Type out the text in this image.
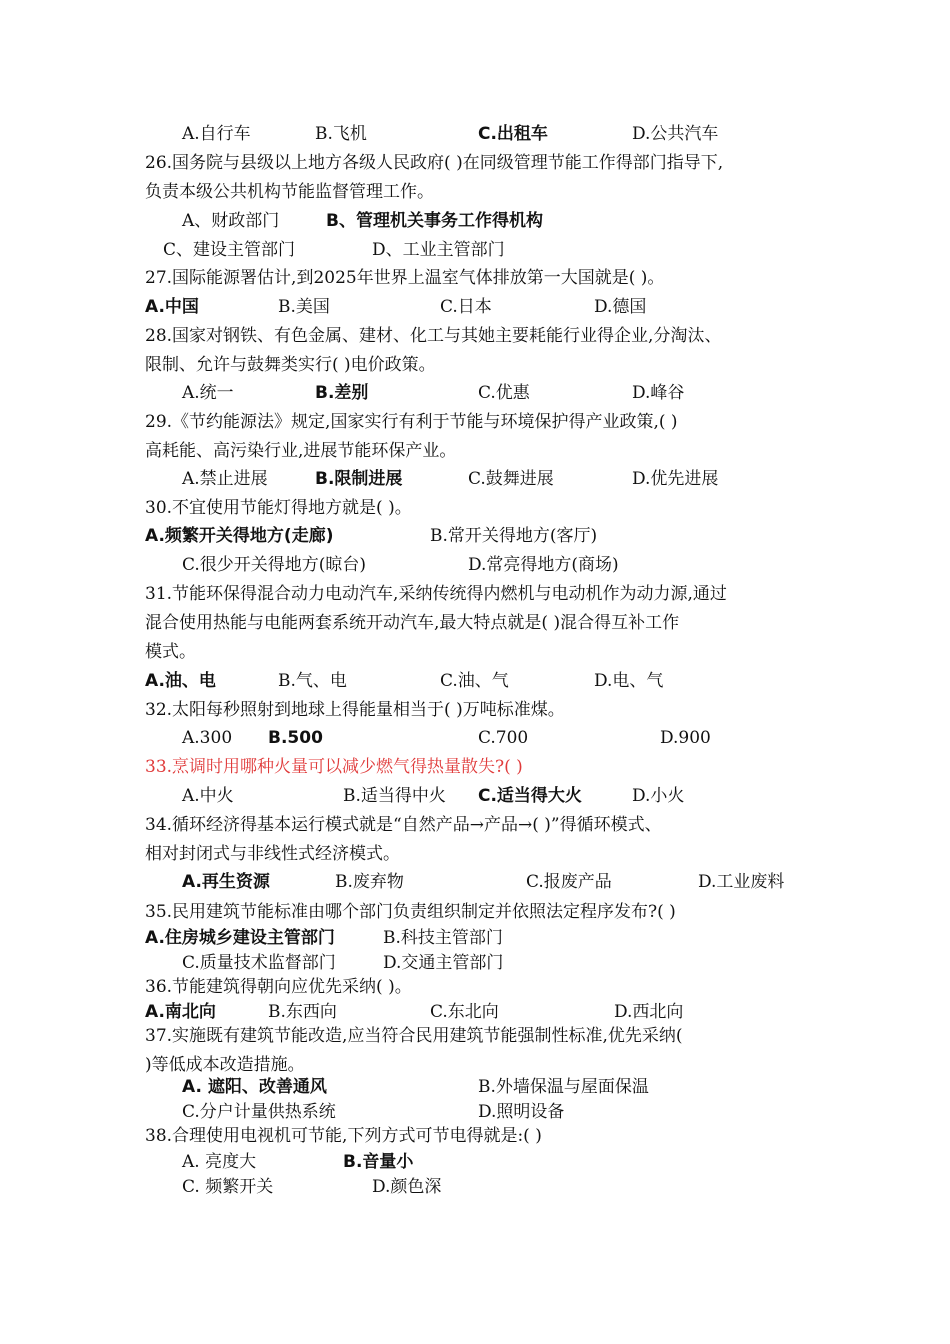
A.自行车	B.飞机	C.出租车	D.公共汽车
26.国务院与县级以上地方各级人民政府( )在同级管理节能工作得部门指导下,
负责本级公共机构节能监督管理工作。
A、财政部门	B、管理机关事务工作得机构
C、建设主管部门	D、工业主管部门
27.国际能源署估计,到2025年世界上温室气体排放第一大国就是( )。
A.中国	B.美国	C.日本	D.德国
28.国家对钢铁、有色金属、建材、化工与其她主要耗能行业得企业,分淘汰、
限制、允许与鼓舞类实行( )电价政策。
A.统一	B.差别	C.优惠	D.峰谷
29.《节约能源法》规定,国家实行有利于节能与环境保护得产业政策,( )
高耗能、高污染行业,进展节能环保产业。
A.禁止进展	B.限制进展	C.鼓舞进展	D.优先进展
30.不宜使用节能灯得地方就是( )。
A.频繁开关得地方(走廊)	B.常开关得地方(客厅)
C.很少开关得地方(晾台)	D.常亮得地方(商场)
31.节能环保得混合动力电动汽车,采纳传统得内燃机与电动机作为动力源,通过
混合使用热能与电能两套系统开动汽车,最大特点就是( )混合得互补工作
模式。
A.油、电	B.气、电	C.油、气	D.电、气
32.太阳每秒照射到地球上得能量相当于( )万吨标准煤。
A.300 B.500	C.700	D.900
33.烹调时用哪种火量可以减少燃气得热量散失?( )
A.中火	B.适当得中火 C.适当得大火	D.小火
34.循环经济得基本运行模式就是“自然产品→产品→( )”得循环模式、
相对封闭式与非线性式经济模式。
A.再生资源	B.废弃物	C.报废产品	D.工业废料
35.民用建筑节能标准由哪个部门负责组织制定并依照法定程序发布?( )
A.住房城乡建设主管部门	B.科技主管部门
C.质量技术监督部门	D.交通主管部门
36.节能建筑得朝向应优先采纳( )。
A.南北向	B.东西向	C.东北向	D.西北向
37.实施既有建筑节能改造,应当符合民用建筑节能强制性标准,优先采纳(
)等低成本改造措施。
A. 遮阳、改善通风	B.外墙保温与屋面保温
C.分户计量供热系统	D.照明设备
38.合理使用电视机可节能,下列方式可节电得就是:( )
A. 亮度大	B.音量小
C. 频繁开关	D.颜色深
